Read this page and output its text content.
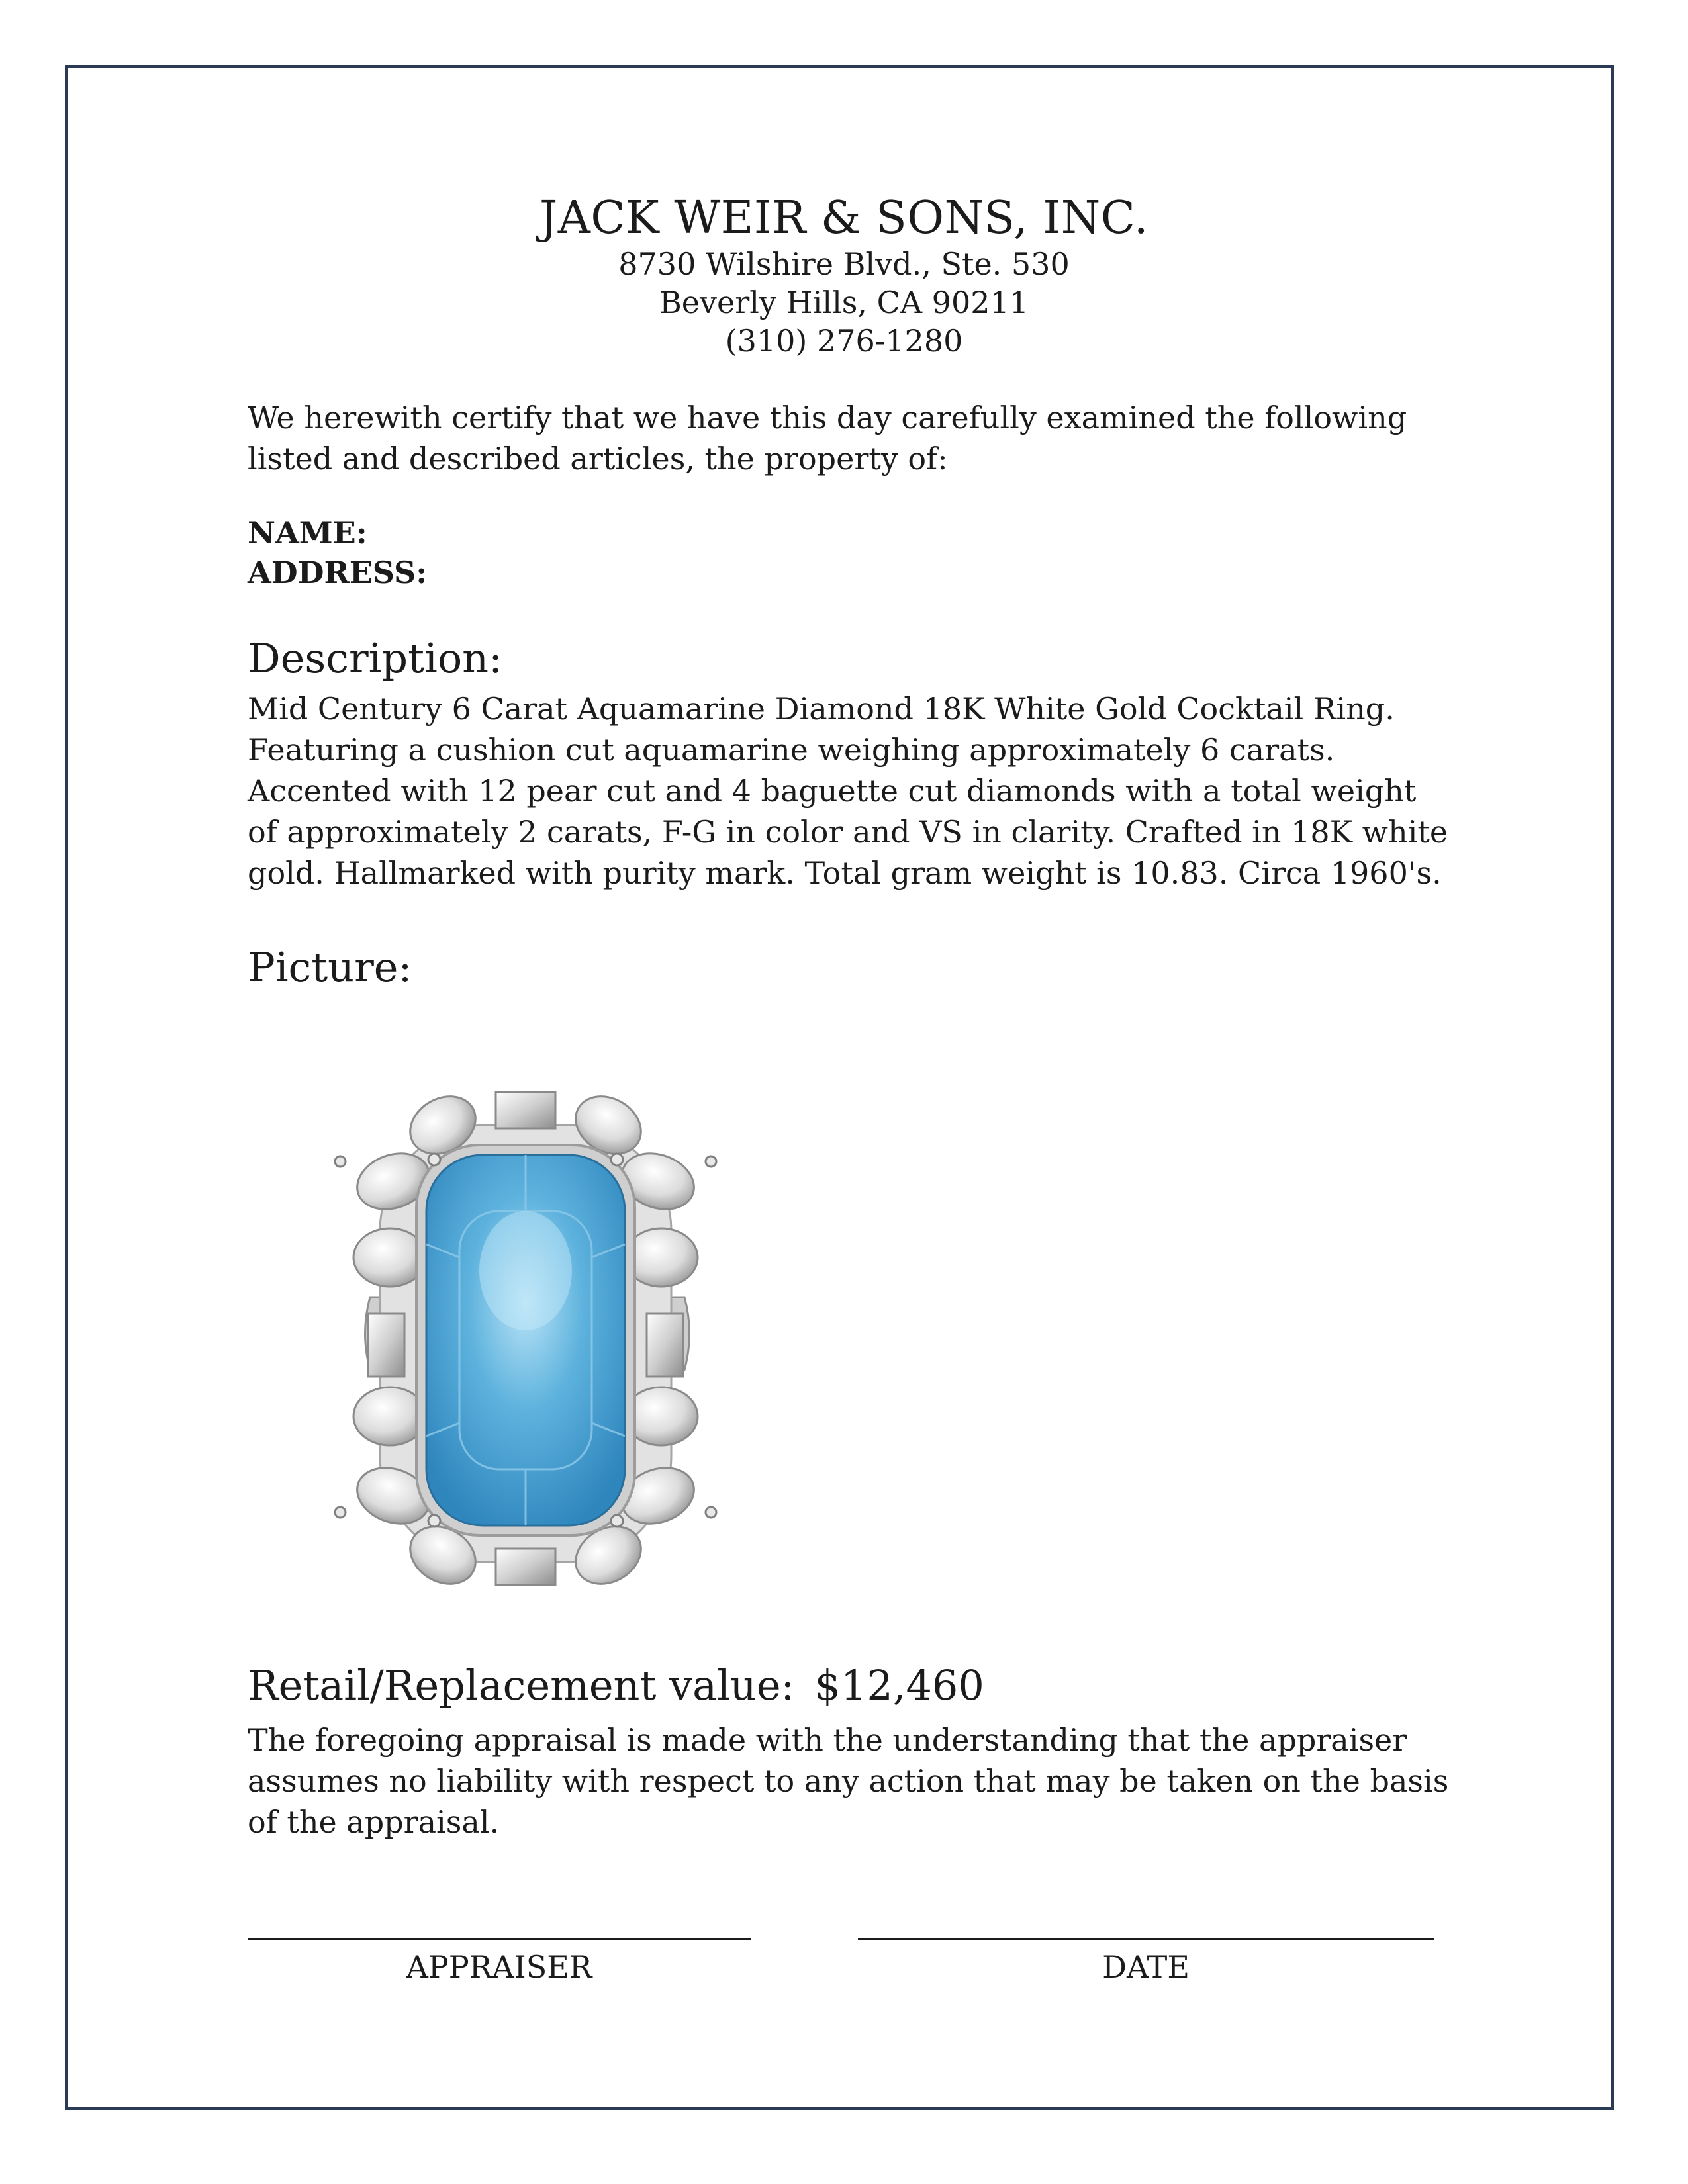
JACK WEIR & SONS, INC.

8730 Wilshire Blvd., Ste. 530

Beverly Hills, CA 90211

(310) 276-1280

We herewith certify that we have this day carefully examined the following listed and described articles, the property of:

NAME:

ADDRESS:

Description:

Mid Century 6 Carat Aquamarine Diamond 18K White Gold Cocktail Ring. Featuring a cushion cut aquamarine weighing approximately 6 carats. Accented with 12 pear cut and 4 baguette cut diamonds with a total weight of approximately 2 carats, F-G in color and VS in clarity. Crafted in 18K white gold. Hallmarked with purity mark. Total gram weight is 10.83. Circa 1960's.

Picture:

Retail/Replacement value: $12,460

The foregoing appraisal is made with the understanding that the appraiser assumes no liability with respect to any action that may be taken on the basis of the appraisal.

APPRAISER	DATE
